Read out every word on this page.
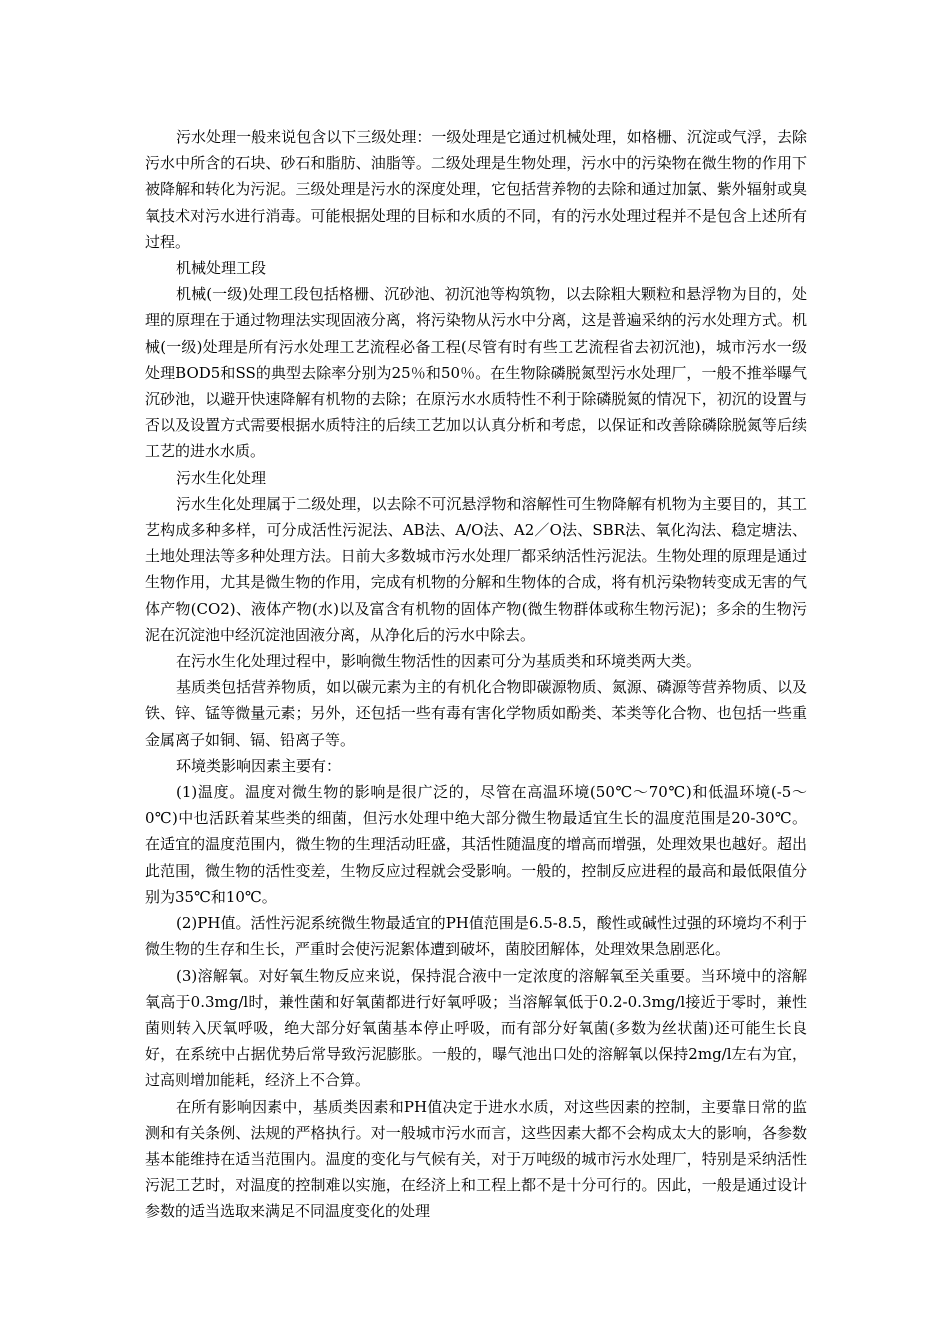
污水处理一般来说包含以下三级处理：一级处理是它通过机械处理，如格栅、沉淀或气浮，去除污水中所含的石块、砂石和脂肪、油脂等。二级处理是生物处理，污水中的污染物在微生物的作用下被降解和转化为污泥。三级处理是污水的深度处理，它包括营养物的去除和通过加氯、紫外辐射或臭氧技术对污水进行消毒。可能根据处理的目标和水质的不同，有的污水处理过程并不是包含上述所有过程。

机械处理工段

机械(一级)处理工段包括格栅、沉砂池、初沉池等构筑物，以去除粗大颗粒和悬浮物为目的，处理的原理在于通过物理法实现固液分离，将污染物从污水中分离，这是普遍采纳的污水处理方式。机械(一级)处理是所有污水处理工艺流程必备工程(尽管有时有些工艺流程省去初沉池)，城市污水一级处理BOD5和SS的典型去除率分别为25％和50％。在生物除磷脱氮型污水处理厂，一般不推举曝气沉砂池，以避开快速降解有机物的去除；在原污水水质特性不利于除磷脱氮的情况下，初沉的设置与否以及设置方式需要根据水质特注的后续工艺加以认真分析和考虑，以保证和改善除磷除脱氮等后续工艺的进水水质。

污水生化处理

污水生化处理属于二级处理，以去除不可沉悬浮物和溶解性可生物降解有机物为主要目的，其工艺构成多种多样，可分成活性污泥法、AB法、A/O法、A2／O法、SBR法、氧化沟法、稳定塘法、土地处理法等多种处理方法。日前大多数城市污水处理厂都采纳活性污泥法。生物处理的原理是通过生物作用，尤其是微生物的作用，完成有机物的分解和生物体的合成，将有机污染物转变成无害的气体产物(CO2)、液体产物(水)以及富含有机物的固体产物(微生物群体或称生物污泥)；多余的生物污泥在沉淀池中经沉淀池固液分离，从净化后的污水中除去。

在污水生化处理过程中，影响微生物活性的因素可分为基质类和环境类两大类。

基质类包括营养物质，如以碳元素为主的有机化合物即碳源物质、氮源、磷源等营养物质、以及铁、锌、锰等微量元素；另外，还包括一些有毒有害化学物质如酚类、苯类等化合物、也包括一些重金属离子如铜、镉、铅离子等。

环境类影响因素主要有：

(1)温度。温度对微生物的影响是很广泛的，尽管在高温环境(50℃～70℃)和低温环境(-5～0℃)中也活跃着某些类的细菌，但污水处理中绝大部分微生物最适宜生长的温度范围是20-30℃。在适宜的温度范围内，微生物的生理活动旺盛，其活性随温度的增高而增强，处理效果也越好。超出此范围，微生物的活性变差，生物反应过程就会受影响。一般的，控制反应进程的最高和最低限值分别为35℃和10℃。

(2)PH值。活性污泥系统微生物最适宜的PH值范围是6.5-8.5，酸性或碱性过强的环境均不利于微生物的生存和生长，严重时会使污泥絮体遭到破坏，菌胶团解体，处理效果急剧恶化。

(3)溶解氧。对好氧生物反应来说，保持混合液中一定浓度的溶解氧至关重要。当环境中的溶解氧高于0.3mg/l时，兼性菌和好氧菌都进行好氧呼吸；当溶解氧低于0.2-0.3mg/l接近于零时，兼性菌则转入厌氧呼吸，绝大部分好氧菌基本停止呼吸，而有部分好氧菌(多数为丝状菌)还可能生长良好，在系统中占据优势后常导致污泥膨胀。一般的，曝气池出口处的溶解氧以保持2mg/l左右为宜，过高则增加能耗，经济上不合算。

在所有影响因素中，基质类因素和PH值决定于进水水质，对这些因素的控制，主要靠日常的监测和有关条例、法规的严格执行。对一般城市污水而言，这些因素大都不会构成太大的影响，各参数基本能维持在适当范围内。温度的变化与气候有关，对于万吨级的城市污水处理厂，特别是采纳活性污泥工艺时，对温度的控制难以实施，在经济上和工程上都不是十分可行的。因此，一般是通过设计参数的适当选取来满足不同温度变化的处理
